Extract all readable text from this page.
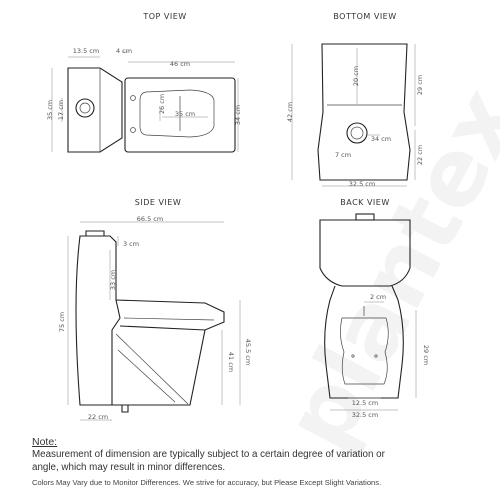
TOP VIEW
13.5 cm	4 cm
46 cm
35 cm 17 cm	26 cm 35 cm	34 cm
BOTTOM VIEW
42 cm
20 cm	29 cm
34 cm
22 cm
7 cm
32.5 cm
SIDE VIEW
66.5 cm
3 cm
33 cm
75 cm
41 cm 45.5 cm
22 cm
BACK VIEW
2 cm
29 cm
12.5 cm
32.5 cm
Note:
Measurement of dimension are typically subject to a certain degree of variation or angle, which may result in minor differences.
Colors May Vary due to Monitor Differences. We strive for accuracy, but Please Except Slight Variations.
